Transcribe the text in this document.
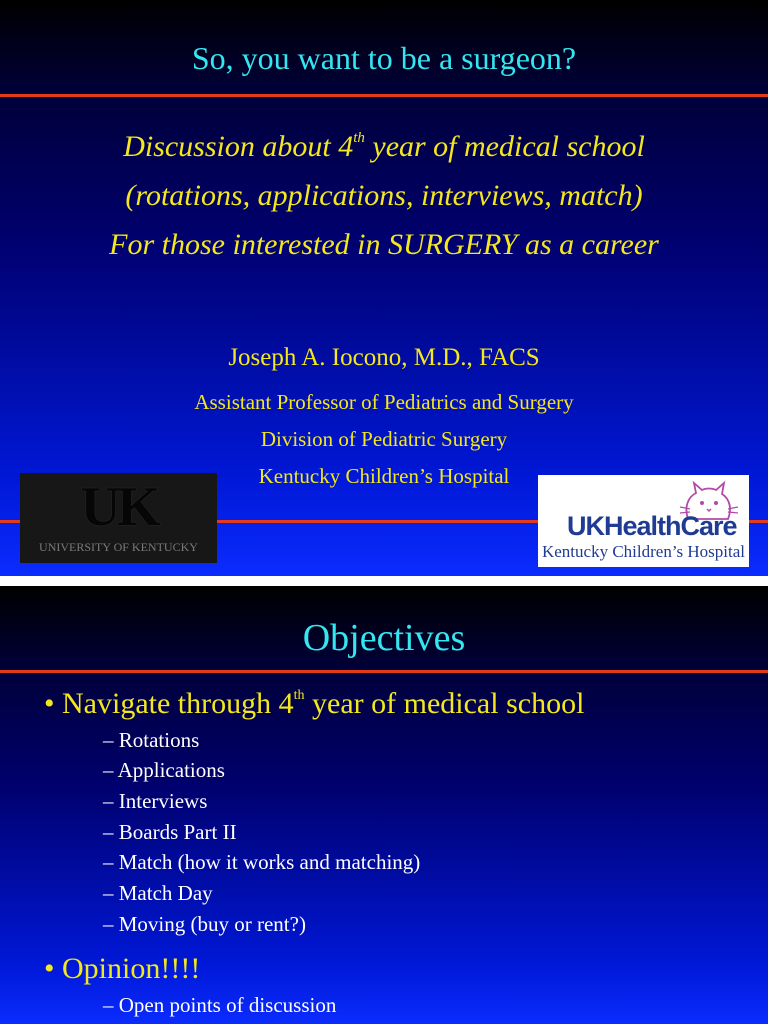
So, you want to be a surgeon?
Discussion about 4th year of medical school
(rotations, applications, interviews, match)
For those interested in SURGERY as a career
Joseph A. Iocono, M.D., FACS
Assistant Professor of Pediatrics and Surgery
Division of Pediatric Surgery
Kentucky Children’s Hospital
UK
UNIVERSITY OF KENTUCKY
UKHealthCare
Kentucky Children’s Hospital
Objectives
• Navigate through 4th year of medical school
– Rotations
– Applications
– Interviews
– Boards Part II
– Match (how it works and matching)
– Match Day
– Moving (buy or rent?)
• Opinion!!!!
– Open points of discussion
